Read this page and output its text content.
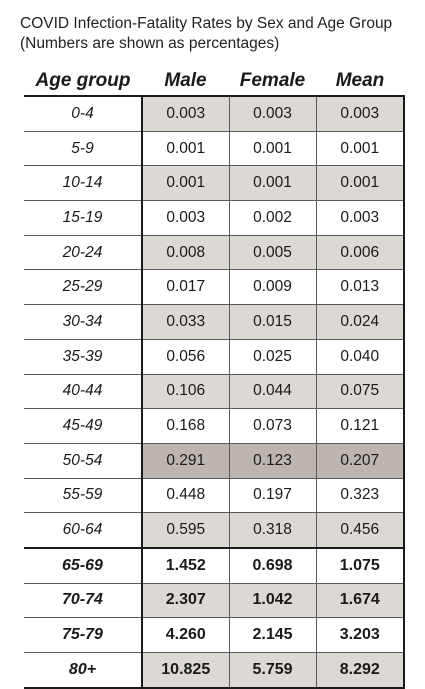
COVID Infection-Fatality Rates by Sex and Age Group
(Numbers are shown as percentages)
Age group	Male	Female	Mean
0-4	0.003	0.003	0.003
5-9	0.001	0.001	0.001
10-14	0.001	0.001	0.001
15-19	0.003	0.002	0.003
20-24	0.008	0.005	0.006
25-29	0.017	0.009	0.013
30-34	0.033	0.015	0.024
35-39	0.056	0.025	0.040
40-44	0.106	0.044	0.075
45-49	0.168	0.073	0.121
50-54	0.291	0.123	0.207
55-59	0.448	0.197	0.323
60-64	0.595	0.318	0.456
65-69	1.452	0.698	1.075
70-74	2.307	1.042	1.674
75-79	4.260	2.145	3.203
80+	10.825	5.759	8.292
